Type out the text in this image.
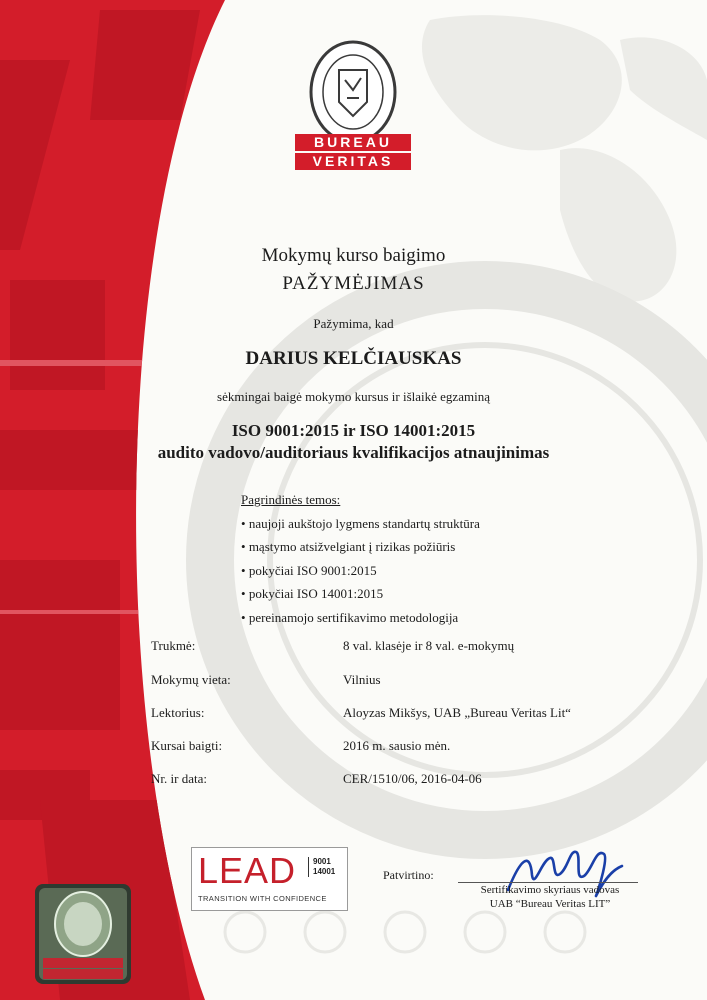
BUREAU
VERITAS
Mokymų kurso baigimo
PAŽYMĖJIMAS
Pažymima, kad
DARIUS KELČIAUSKAS
sėkmingai baigė mokymo kursus ir išlaikė egzaminą
ISO 9001:2015 ir ISO 14001:2015
audito vadovo/auditoriaus kvalifikacijos atnaujinimas
Pagrindinės temos:
• naujoji aukštojo lygmens standartų struktūra
• mąstymo atsižvelgiant į rizikas požiūris
• pokyčiai ISO 9001:2015
• pokyčiai ISO 14001:2015
• pereinamojo sertifikavimo metodologija
Trukmė:	8 val. klasėje ir 8 val. e-mokymų
Mokymų vieta:	Vilnius
Lektorius:	Aloyzas Mikšys, UAB „Bureau Veritas Lit“
Kursai baigti:	2016 m. sausio mėn.
Nr. ir data:	CER/1510/06, 2016-04-06
LEAD 9001
14001
TRANSITION WITH CONFIDENCE
Patvirtino:
Sertifikavimo skyriaus vadovas
UAB “Bureau Veritas LIT”
